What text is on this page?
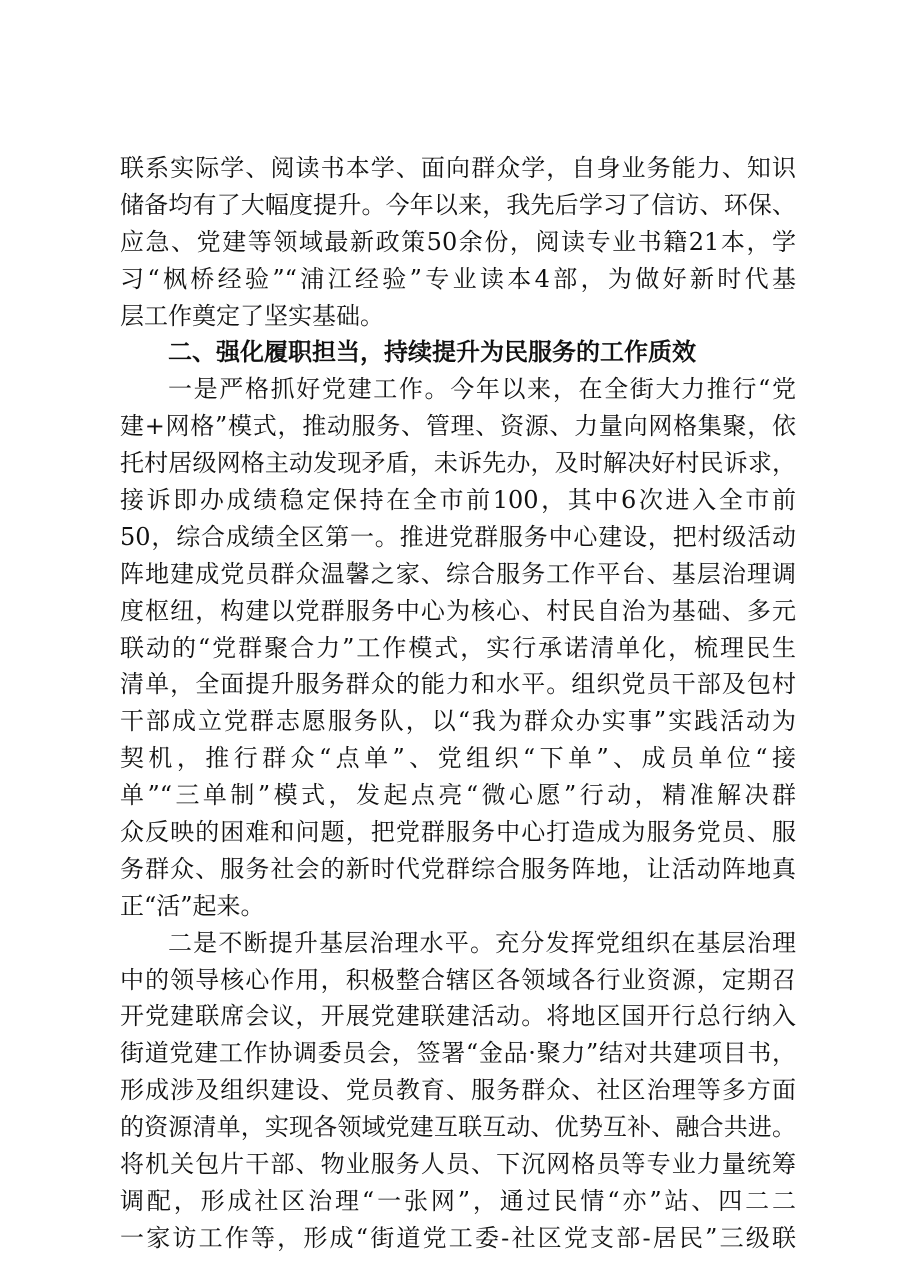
联系实际学、阅读书本学、面向群众学，自身业务能力、知识
储备均有了大幅度提升。今年以来，我先后学习了信访、环保、
应急、党建等领域最新政策50余份，阅读专业书籍21本，学
习“枫桥经验”“浦江经验”专业读本4部，为做好新时代基
层工作奠定了坚实基础。
二、强化履职担当，持续提升为民服务的工作质效
一是严格抓好党建工作。今年以来，在全街大力推行“党
建+网格”模式，推动服务、管理、资源、力量向网格集聚，依
托村居级网格主动发现矛盾，未诉先办，及时解决好村民诉求，
接诉即办成绩稳定保持在全市前100，其中6次进入全市前
50，综合成绩全区第一。推进党群服务中心建设，把村级活动
阵地建成党员群众温馨之家、综合服务工作平台、基层治理调
度枢纽，构建以党群服务中心为核心、村民自治为基础、多元
联动的“党群聚合力”工作模式，实行承诺清单化，梳理民生
清单，全面提升服务群众的能力和水平。组织党员干部及包村
干部成立党群志愿服务队，以“我为群众办实事”实践活动为
契机，推行群众“点单”、党组织“下单”、成员单位“接
单”“三单制”模式，发起点亮“微心愿”行动，精准解决群
众反映的困难和问题，把党群服务中心打造成为服务党员、服
务群众、服务社会的新时代党群综合服务阵地，让活动阵地真
正“活”起来。
二是不断提升基层治理水平。充分发挥党组织在基层治理
中的领导核心作用，积极整合辖区各领域各行业资源，定期召
开党建联席会议，开展党建联建活动。将地区国开行总行纳入
街道党建工作协调委员会，签署“金品·聚力”结对共建项目书，
形成涉及组织建设、党员教育、服务群众、社区治理等多方面
的资源清单，实现各领域党建互联互动、优势互补、融合共进。
将机关包片干部、物业服务人员、下沉网格员等专业力量统筹
调配，形成社区治理“一张网”，通过民情“亦”站、四二二
一家访工作等，形成“街道党工委-社区党支部-居民”三级联
